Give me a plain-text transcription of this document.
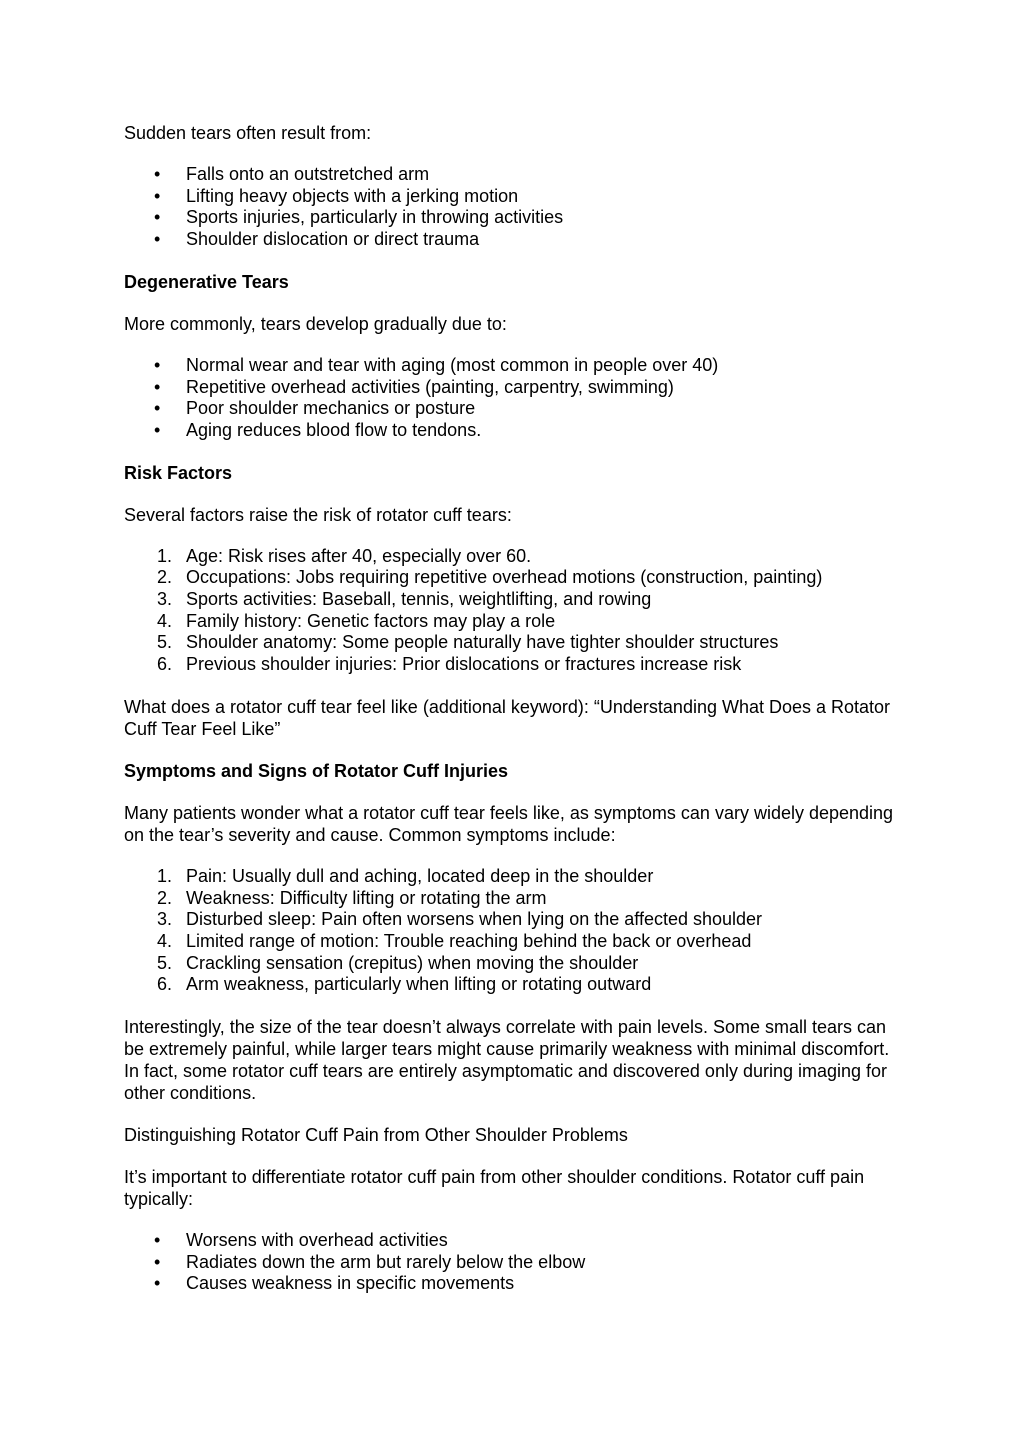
Sudden tears often result from:

• Falls onto an outstretched arm
• Lifting heavy objects with a jerking motion
• Sports injuries, particularly in throwing activities
• Shoulder dislocation or direct trauma
Degenerative Tears

More commonly, tears develop gradually due to:

• Normal wear and tear with aging (most common in people over 40)
• Repetitive overhead activities (painting, carpentry, swimming)
• Poor shoulder mechanics or posture
• Aging reduces blood flow to tendons.
Risk Factors

Several factors raise the risk of rotator cuff tears:

1. Age: Risk rises after 40, especially over 60.
2. Occupations: Jobs requiring repetitive overhead motions (construction, painting)
3. Sports activities: Baseball, tennis, weightlifting, and rowing
4. Family history: Genetic factors may play a role
5. Shoulder anatomy: Some people naturally have tighter shoulder structures
6. Previous shoulder injuries: Prior dislocations or fractures increase risk

What does a rotator cuff tear feel like (additional keyword): “Understanding What Does a Rotator Cuff Tear Feel Like”

Symptoms and Signs of Rotator Cuff Injuries

Many patients wonder what a rotator cuff tear feels like, as symptoms can vary widely depending on the tear’s severity and cause. Common symptoms include:

1. Pain: Usually dull and aching, located deep in the shoulder
2. Weakness: Difficulty lifting or rotating the arm
3. Disturbed sleep: Pain often worsens when lying on the affected shoulder
4. Limited range of motion: Trouble reaching behind the back or overhead
5. Crackling sensation (crepitus) when moving the shoulder
6. Arm weakness, particularly when lifting or rotating outward

Interestingly, the size of the tear doesn’t always correlate with pain levels. Some small tears can be extremely painful, while larger tears might cause primarily weakness with minimal discomfort. In fact, some rotator cuff tears are entirely asymptomatic and discovered only during imaging for other conditions.

Distinguishing Rotator Cuff Pain from Other Shoulder Problems

It’s important to differentiate rotator cuff pain from other shoulder conditions. Rotator cuff pain typically:

• Worsens with overhead activities
• Radiates down the arm but rarely below the elbow
• Causes weakness in specific movements
